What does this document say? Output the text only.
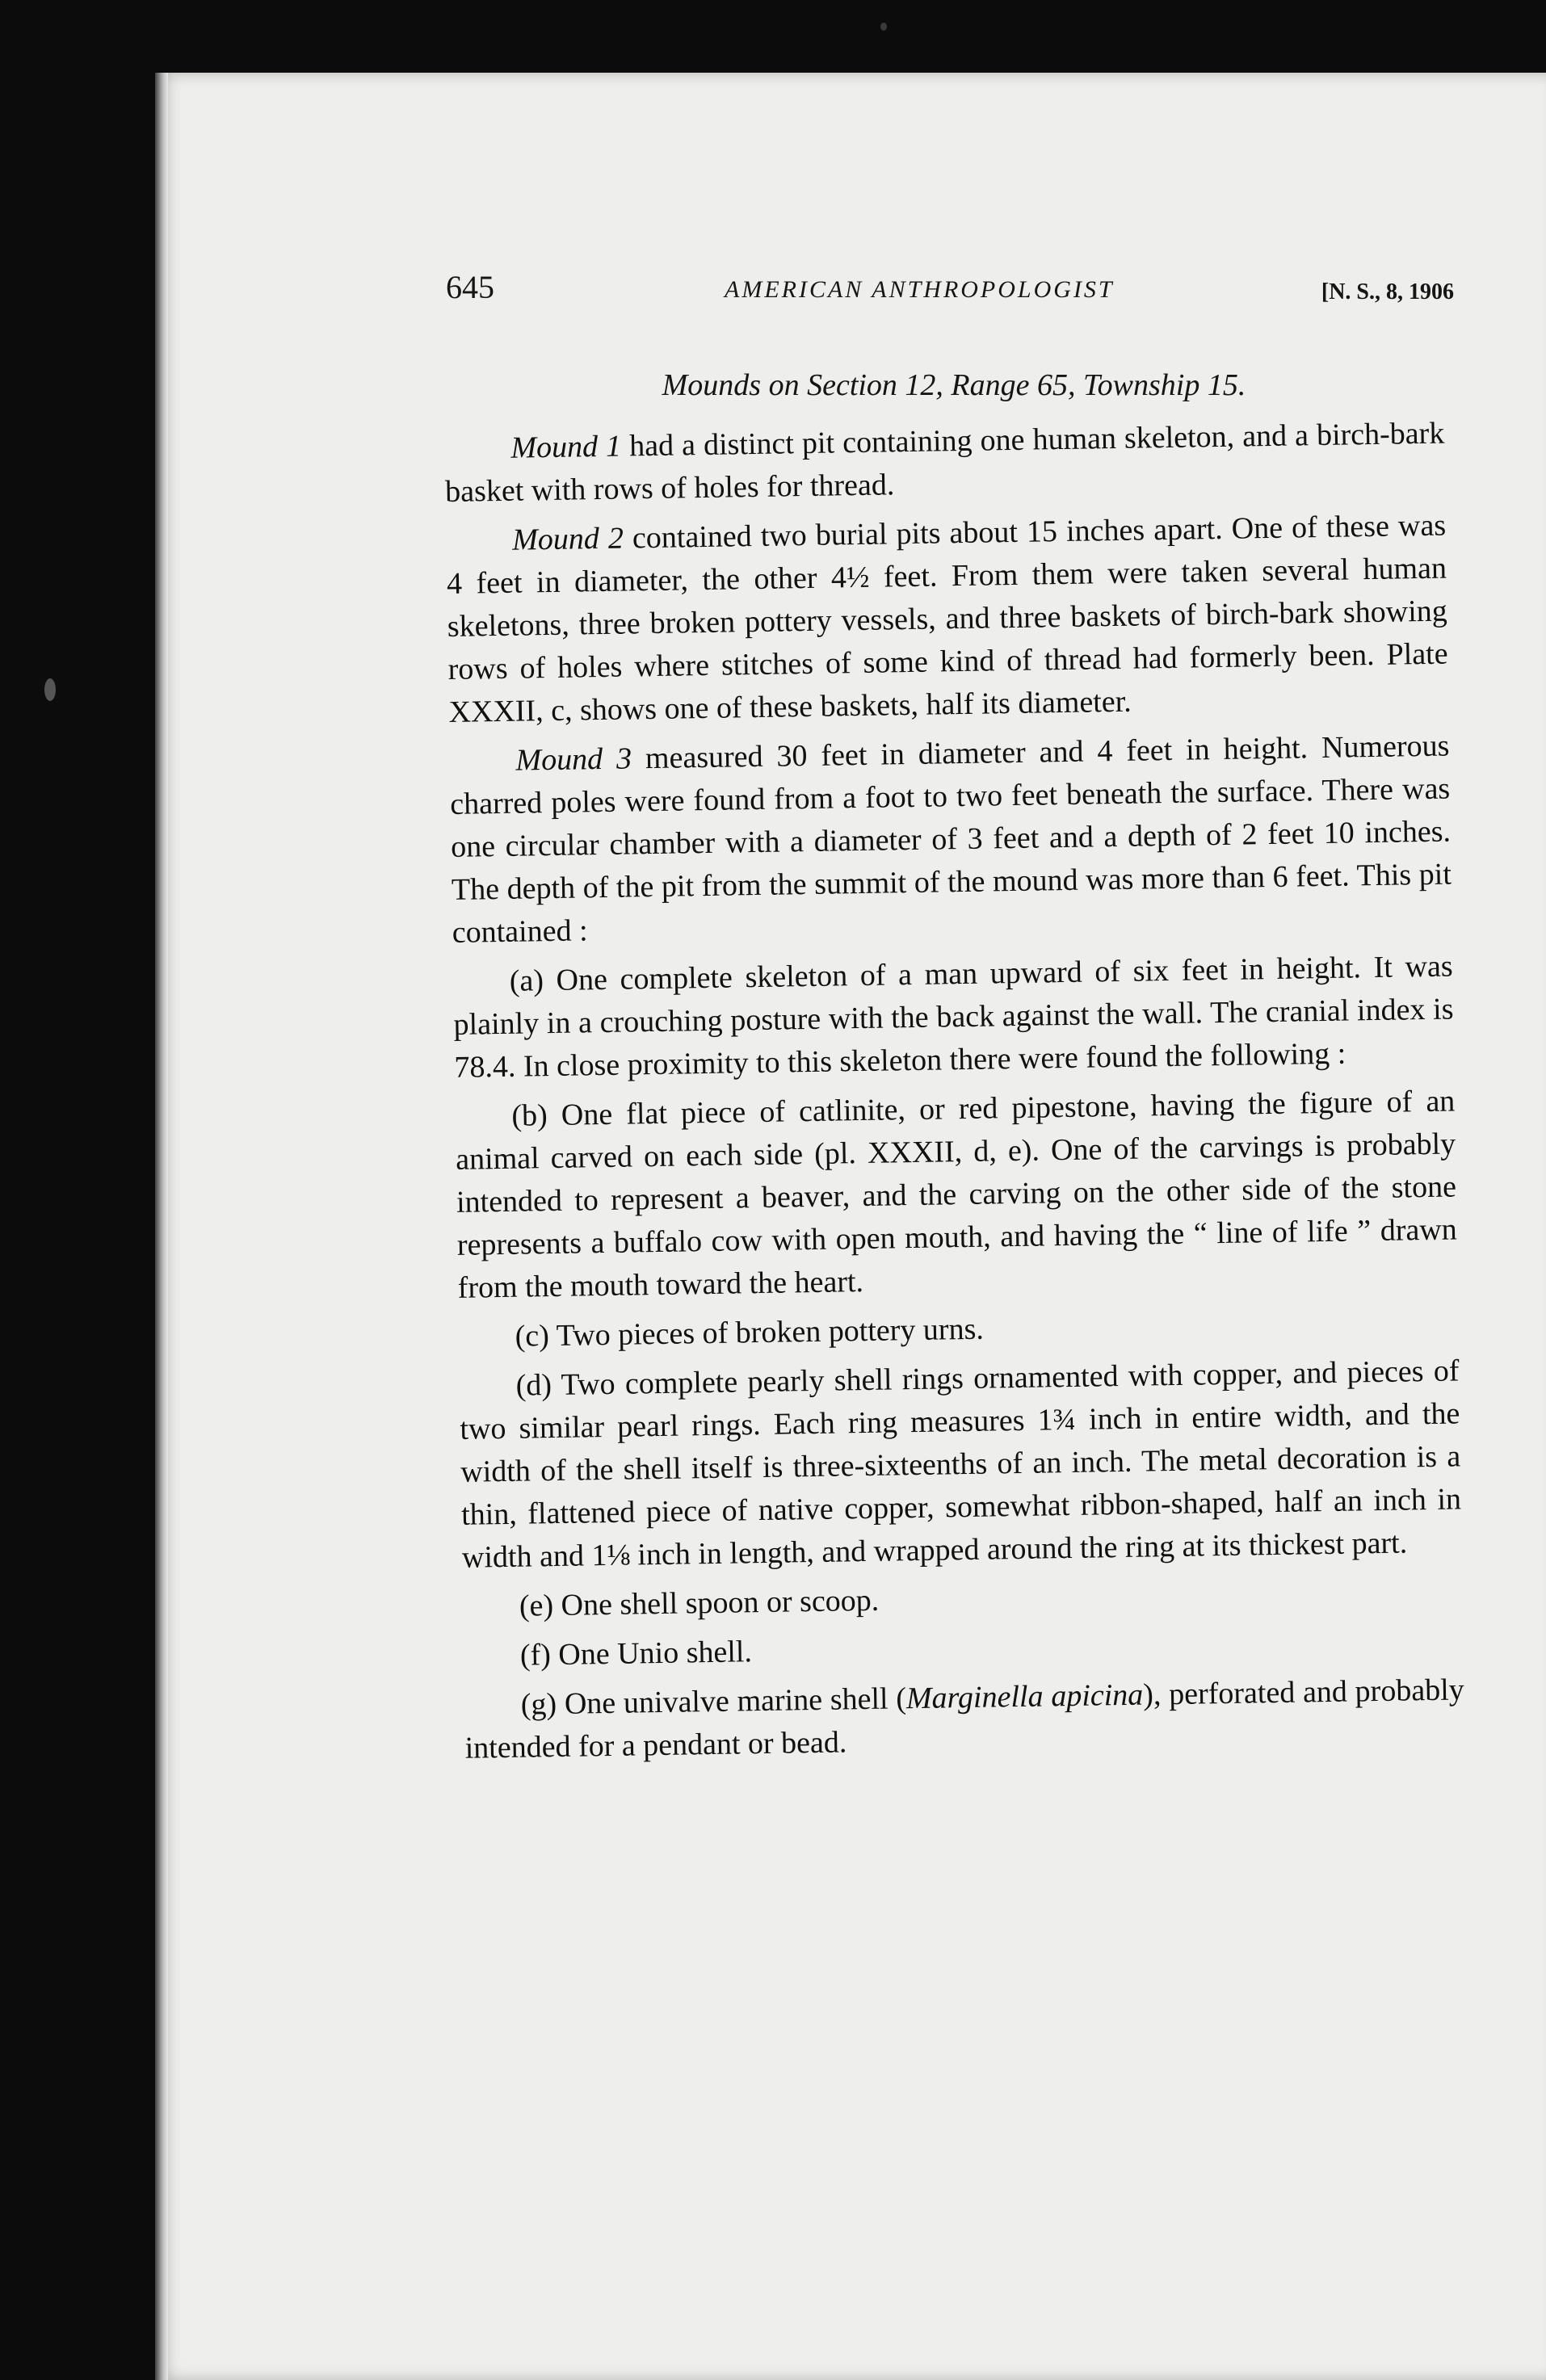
645	AMERICAN ANTHROPOLOGIST	[N. S., 8, 1906
Mounds on Section 12, Range 65, Township 15.

Mound 1 had a distinct pit containing one human skeleton, and a birch-bark basket with rows of holes for thread.

Mound 2 contained two burial pits about 15 inches apart. One of these was 4 feet in diameter, the other 4½ feet. From them were taken several human skeletons, three broken pottery vessels, and three baskets of birch-bark showing rows of holes where stitches of some kind of thread had formerly been. Plate XXXII, c, shows one of these baskets, half its diameter.

Mound 3 measured 30 feet in diameter and 4 feet in height. Numerous charred poles were found from a foot to two feet beneath the surface. There was one circular chamber with a diameter of 3 feet and a depth of 2 feet 10 inches. The depth of the pit from the summit of the mound was more than 6 feet. This pit contained :

(a) One complete skeleton of a man upward of six feet in height. It was plainly in a crouching posture with the back against the wall. The cranial index is 78.4. In close proximity to this skeleton there were found the following :

(b) One flat piece of catlinite, or red pipestone, having the figure of an animal carved on each side (pl. XXXII, d, e). One of the carvings is probably intended to represent a beaver, and the carving on the other side of the stone represents a buffalo cow with open mouth, and having the “ line of life ” drawn from the mouth toward the heart.

(c) Two pieces of broken pottery urns.

(d) Two complete pearly shell rings ornamented with copper, and pieces of two similar pearl rings. Each ring measures 1¾ inch in entire width, and the width of the shell itself is three-sixteenths of an inch. The metal decoration is a thin, flattened piece of native copper, somewhat ribbon-shaped, half an inch in width and 1⅛ inch in length, and wrapped around the ring at its thickest part.

(e) One shell spoon or scoop.

(f) One Unio shell.

(g) One univalve marine shell (Marginella apicina), perforated and probably intended for a pendant or bead.
